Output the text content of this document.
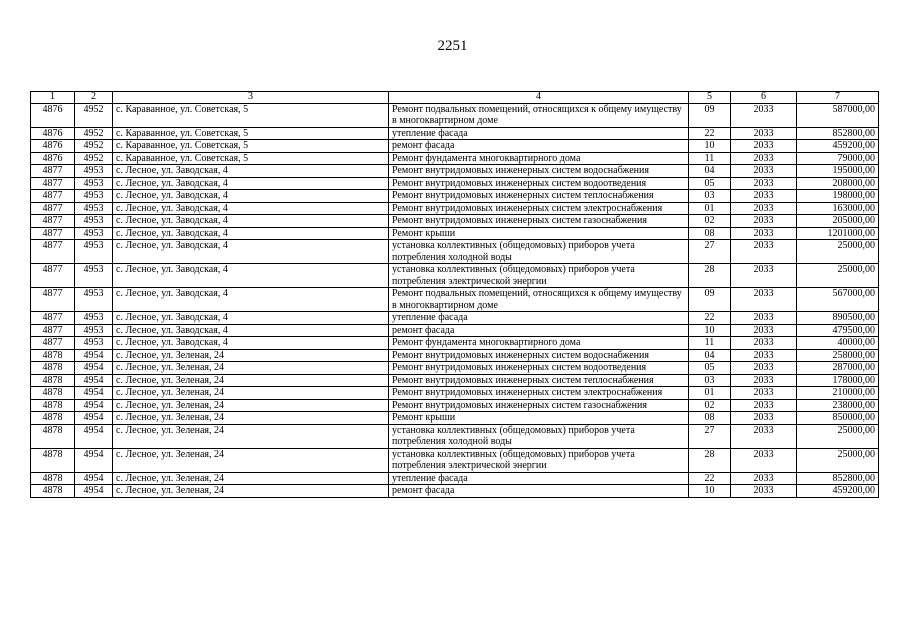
2251
1	2	3	4	5	6	7
4876	4952	с. Караванное, ул. Советская, 5	Ремонт подвальных помещений, относящихся к общему имуществу в многоквартирном доме	09	2033	587000,00
4876	4952	с. Караванное, ул. Советская, 5	утепление фасада	22	2033	852800,00
4876	4952	с. Караванное, ул. Советская, 5	ремонт фасада	10	2033	459200,00
4876	4952	с. Караванное, ул. Советская, 5	Ремонт фундамента многоквартирного дома	11	2033	79000,00
4877	4953	с. Лесное, ул. Заводская, 4	Ремонт внутридомовых инженерных систем водоснабжения	04	2033	195000,00
4877	4953	с. Лесное, ул. Заводская, 4	Ремонт внутридомовых инженерных систем водоотведения	05	2033	208000,00
4877	4953	с. Лесное, ул. Заводская, 4	Ремонт внутридомовых инженерных систем теплоснабжения	03	2033	198000,00
4877	4953	с. Лесное, ул. Заводская, 4	Ремонт внутридомовых инженерных систем электроснабжения	01	2033	163000,00
4877	4953	с. Лесное, ул. Заводская, 4	Ремонт внутридомовых инженерных систем газоснабжения	02	2033	205000,00
4877	4953	с. Лесное, ул. Заводская, 4	Ремонт крыши	08	2033	1201000,00
4877	4953	с. Лесное, ул. Заводская, 4	установка коллективных (общедомовых) приборов учета потребления холодной воды	27	2033	25000,00
4877	4953	с. Лесное, ул. Заводская, 4	установка коллективных (общедомовых) приборов учета потребления электрической энергии	28	2033	25000,00
4877	4953	с. Лесное, ул. Заводская, 4	Ремонт подвальных помещений, относящихся к общему имуществу в многоквартирном доме	09	2033	567000,00
4877	4953	с. Лесное, ул. Заводская, 4	утепление фасада	22	2033	890500,00
4877	4953	с. Лесное, ул. Заводская, 4	ремонт фасада	10	2033	479500,00
4877	4953	с. Лесное, ул. Заводская, 4	Ремонт фундамента многоквартирного дома	11	2033	40000,00
4878	4954	с. Лесное, ул. Зеленая, 24	Ремонт внутридомовых инженерных систем водоснабжения	04	2033	258000,00
4878	4954	с. Лесное, ул. Зеленая, 24	Ремонт внутридомовых инженерных систем водоотведения	05	2033	287000,00
4878	4954	с. Лесное, ул. Зеленая, 24	Ремонт внутридомовых инженерных систем теплоснабжения	03	2033	178000,00
4878	4954	с. Лесное, ул. Зеленая, 24	Ремонт внутридомовых инженерных систем электроснабжения	01	2033	210000,00
4878	4954	с. Лесное, ул. Зеленая, 24	Ремонт внутридомовых инженерных систем газоснабжения	02	2033	238000,00
4878	4954	с. Лесное, ул. Зеленая, 24	Ремонт крыши	08	2033	850000,00
4878	4954	с. Лесное, ул. Зеленая, 24	установка коллективных (общедомовых) приборов учета потребления холодной воды	27	2033	25000,00
4878	4954	с. Лесное, ул. Зеленая, 24	установка коллективных (общедомовых) приборов учета потребления электрической энергии	28	2033	25000,00
4878	4954	с. Лесное, ул. Зеленая, 24	утепление фасада	22	2033	852800,00
4878	4954	с. Лесное, ул. Зеленая, 24	ремонт фасада	10	2033	459200,00
